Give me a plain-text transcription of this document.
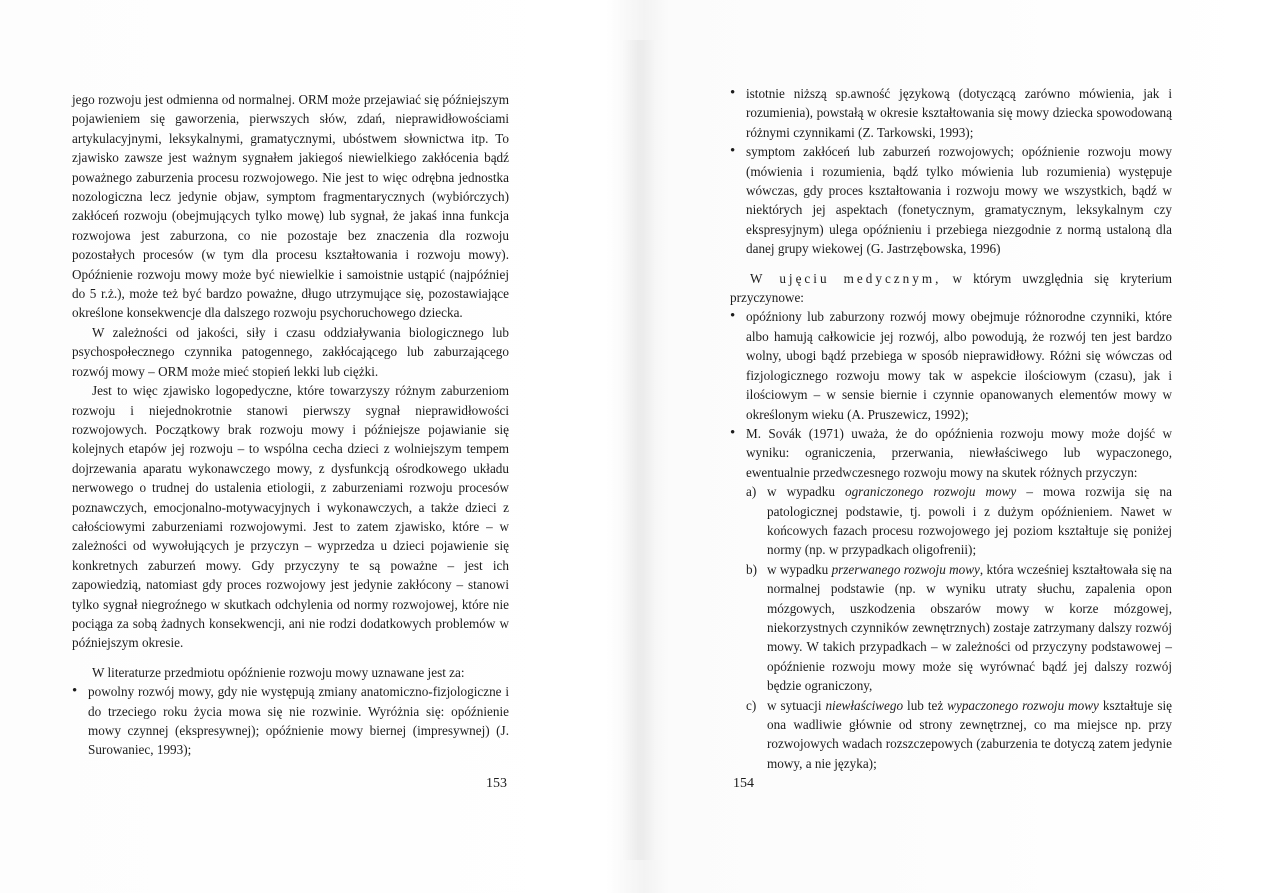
jego rozwoju jest odmienna od normalnej. ORM może przejawiać się późniejszym pojawieniem się gaworzenia, pierwszych słów, zdań, nieprawidłowościami artykulacyjnymi, leksykalnymi, gramatycznymi, ubóstwem słownictwa itp. To zjawisko zawsze jest ważnym sygnałem jakiegoś niewielkiego zakłócenia bądź poważnego zaburzenia procesu rozwojowego. Nie jest to więc odrębna jednostka nozologiczna lecz jedynie objaw, symptom fragmentarycznych (wybiórczych) zakłóceń rozwoju (obejmujących tylko mowę) lub sygnał, że jakaś inna funkcja rozwojowa jest zaburzona, co nie pozostaje bez znaczenia dla rozwoju pozostałych procesów (w tym dla procesu kształtowania i rozwoju mowy). Opóźnienie rozwoju mowy może być niewielkie i samoistnie ustąpić (najpóźniej do 5 r.ż.), może też być bardzo poważne, długo utrzymujące się, pozostawiające określone konsekwencje dla dalszego rozwoju psychoruchowego dziecka.

W zależności od jakości, siły i czasu oddziaływania biologicznego lub psychospołecznego czynnika patogennego, zakłócającego lub zaburzającego rozwój mowy – ORM może mieć stopień lekki lub ciężki.

Jest to więc zjawisko logopedyczne, które towarzyszy różnym zaburzeniom rozwoju i niejednokrotnie stanowi pierwszy sygnał nieprawidłowości rozwojowych. Początkowy brak rozwoju mowy i późniejsze pojawianie się kolejnych etapów jej rozwoju – to wspólna cecha dzieci z wolniejszym tempem dojrzewania aparatu wykonawczego mowy, z dysfunkcją ośrodkowego układu nerwowego o trudnej do ustalenia etiologii, z zaburzeniami rozwoju procesów poznawczych, emocjonalno-motywacyjnych i wykonawczych, a także dzieci z całościowymi zaburzeniami rozwojowymi. Jest to zatem zjawisko, które – w zależności od wywołujących je przyczyn – wyprzedza u dzieci pojawienie się konkretnych zaburzeń mowy. Gdy przyczyny te są poważne – jest ich zapowiedzią, natomiast gdy proces rozwojowy jest jedynie zakłócony – stanowi tylko sygnał niegroźnego w skutkach odchylenia od normy rozwojowej, które nie pociąga za sobą żadnych konsekwencji, ani nie rodzi dodatkowych problemów w późniejszym okresie.

W literaturze przedmiotu opóźnienie rozwoju mowy uznawane jest za:

• powolny rozwój mowy, gdy nie występują zmiany anatomiczno-fizjologiczne i do trzeciego roku życia mowa się nie rozwinie. Wyróżnia się: opóźnienie mowy czynnej (ekspresywnej); opóźnienie mowy biernej (impresywnej) (J. Surowaniec, 1993);
153
• istotnie niższą sp.awność językową (dotyczącą zarówno mówienia, jak i rozumienia), powstałą w okresie kształtowania się mowy dziecka spowodowaną różnymi czynnikami (Z. Tarkowski, 1993);
• symptom zakłóceń lub zaburzeń rozwojowych; opóźnienie rozwoju mowy (mówienia i rozumienia, bądź tylko mówienia lub rozumienia) występuje wówczas, gdy proces kształtowania i rozwoju mowy we wszystkich, bądź w niektórych jej aspektach (fonetycznym, gramatycznym, leksykalnym czy ekspresyjnym) ulega opóźnieniu i przebiega niezgodnie z normą ustaloną dla danej grupy wiekowej (G. Jastrzębowska, 1996)

W ujęciu medycznym, w którym uwzględnia się kryterium przyczynowe:

• opóźniony lub zaburzony rozwój mowy obejmuje różnorodne czynniki, które albo hamują całkowicie jej rozwój, albo powodują, że rozwój ten jest bardzo wolny, ubogi bądź przebiega w sposób nieprawidłowy. Różni się wówczas od fizjologicznego rozwoju mowy tak w aspekcie ilościowym (czasu), jak i ilościowym – w sensie biernie i czynnie opanowanych elementów mowy w określonym wieku (A. Pruszewicz, 1992);
• M. Sovák (1971) uważa, że do opóźnienia rozwoju mowy może dojść w wyniku: ograniczenia, przerwania, niewłaściwego lub wypaczonego, ewentualnie przedwczesnego rozwoju mowy na skutek różnych przyczyn:
a) w wypadku ograniczonego rozwoju mowy – mowa rozwija się na patologicznej podstawie, tj. powoli i z dużym opóźnieniem. Nawet w końcowych fazach procesu rozwojowego jej poziom kształtuje się poniżej normy (np. w przypadkach oligofrenii);
b) w wypadku przerwanego rozwoju mowy, która wcześniej kształtowała się na normalnej podstawie (np. w wyniku utraty słuchu, zapalenia opon mózgowych, uszkodzenia obszarów mowy w korze mózgowej, niekorzystnych czynników zewnętrznych) zostaje zatrzymany dalszy rozwój mowy. W takich przypadkach – w zależności od przyczyny podstawowej – opóźnienie rozwoju mowy może się wyrównać bądź jej dalszy rozwój będzie ograniczony,
c) w sytuacji niewłaściwego lub też wypaczonego rozwoju mowy kształtuje się ona wadliwie głównie od strony zewnętrznej, co ma miejsce np. przy rozwojowych wadach rozszczepowych (zaburzenia te dotyczą zatem jedynie mowy, a nie języka);
154
